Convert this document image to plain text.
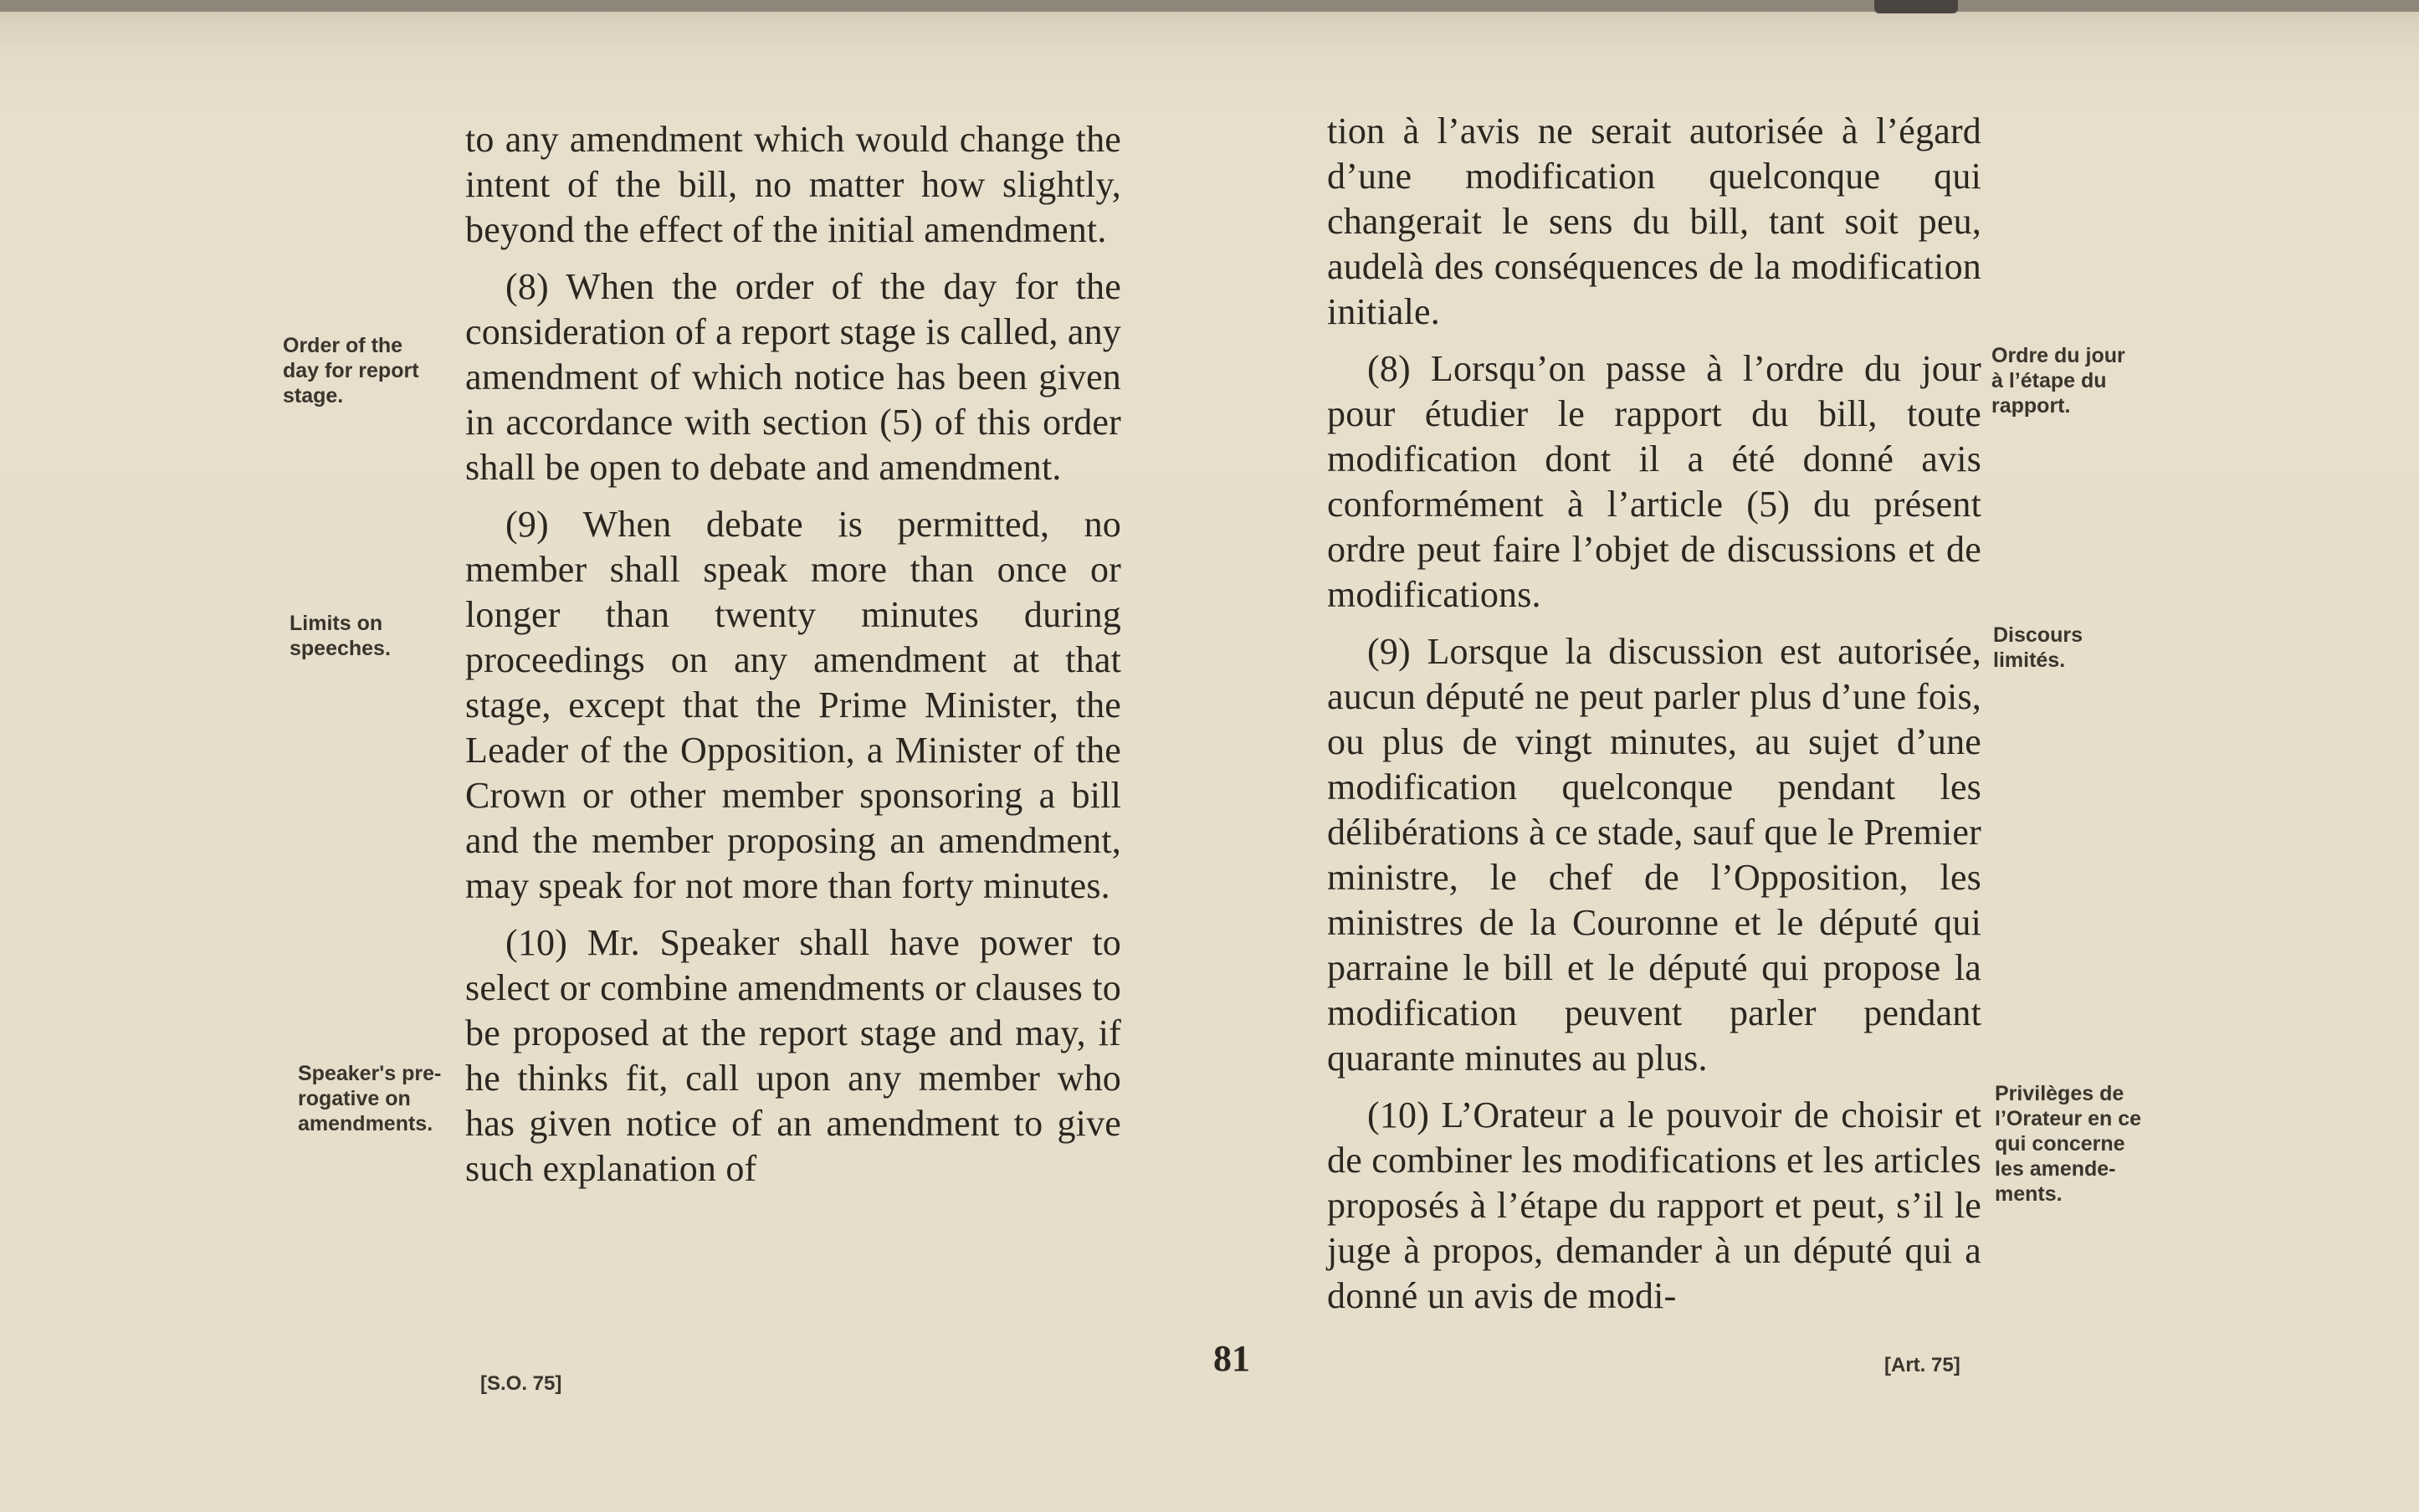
to any amendment which would change the intent of the bill, no matter how slightly, beyond the effect of the initial amendment.

(8) When the order of the day for the consideration of a report stage is called, any amendment of which notice has been given in accordance with section (5) of this order shall be open to debate and amendment.

(9) When debate is permitted, no member shall speak more than once or longer than twenty minutes during proceedings on any amendment at that stage, except that the Prime Minister, the Leader of the Opposition, a Minister of the Crown or other member sponsoring a bill and the member proposing an amendment, may speak for not more than forty minutes.

(10) Mr. Speaker shall have power to select or combine amendments or clauses to be proposed at the report stage and may, if he thinks fit, call upon any member who has given notice of an amendment to give such explanation of

Order of the
day for report
stage.
Limits on
speeches.
Speaker's pre-
rogative on
amendments.
[S.O. 75]
81

tion à l’avis ne serait autorisée à l’égard d’une modification quelconque qui changerait le sens du bill, tant soit peu, audelà des conséquences de la modification initiale.

(8) Lorsqu’on passe à l’ordre du jour pour étudier le rapport du bill, toute modification dont il a été donné avis conformément à l’article (5) du présent ordre peut faire l’objet de discussions et de modifications.

(9) Lorsque la discussion est autorisée, aucun député ne peut parler plus d’une fois, ou plus de vingt minutes, au sujet d’une modification quelconque pendant les délibérations à ce stade, sauf que le Premier ministre, le chef de l’Opposition, les ministres de la Couronne et le député qui parraine le bill et le député qui propose la modification peuvent parler pendant quarante minutes au plus.

(10) L’Orateur a le pouvoir de choisir et de combiner les modifications et les articles proposés à l’étape du rapport et peut, s’il le juge à propos, demander à un député qui a donné un avis de modi-

Ordre du jour
à l’étape du
rapport.
Discours
limités.
Privilèges de
l’Orateur en ce
qui concerne
les amende-
ments.
[Art. 75]
